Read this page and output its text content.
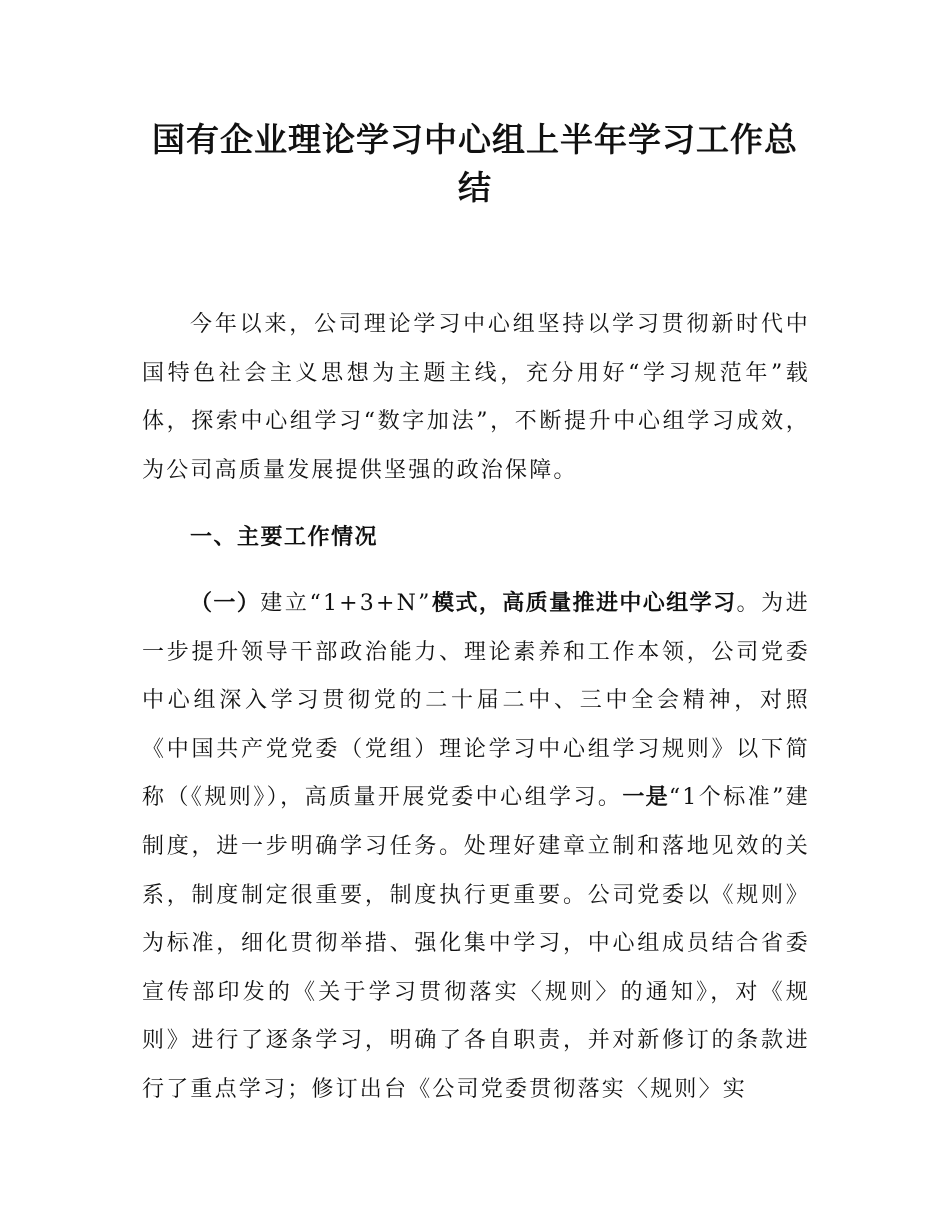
国有企业理论学习中心组上半年学习工作总
结

今年以来，公司理论学习中心组坚持以学习贯彻新时代中国特色社会主义思想为主题主线，充分用好“学习规范年”载体，探索中心组学习“数字加法”，不断提升中心组学习成效，为公司高质量发展提供坚强的政治保障。

一、主要工作情况

（一）建立“1+3+N”模式，高质量推进中心组学习。为进一步提升领导干部政治能力、理论素养和工作本领，公司党委中心组深入学习贯彻党的二十届二中、三中全会精神，对照《中国共产党党委（党组）理论学习中心组学习规则》以下简称（《规则》），高质量开展党委中心组学习。一是“1个标准”建制度，进一步明确学习任务。处理好建章立制和落地见效的关系，制度制定很重要，制度执行更重要。公司党委以《规则》为标准，细化贯彻举措、强化集中学习，中心组成员结合省委宣传部印发的《关于学习贯彻落实〈规则〉的通知》，对《规则》进行了逐条学习，明确了各自职责，并对新修订的条款进行了重点学习；修订出台《公司党委贯彻落实〈规则〉实
